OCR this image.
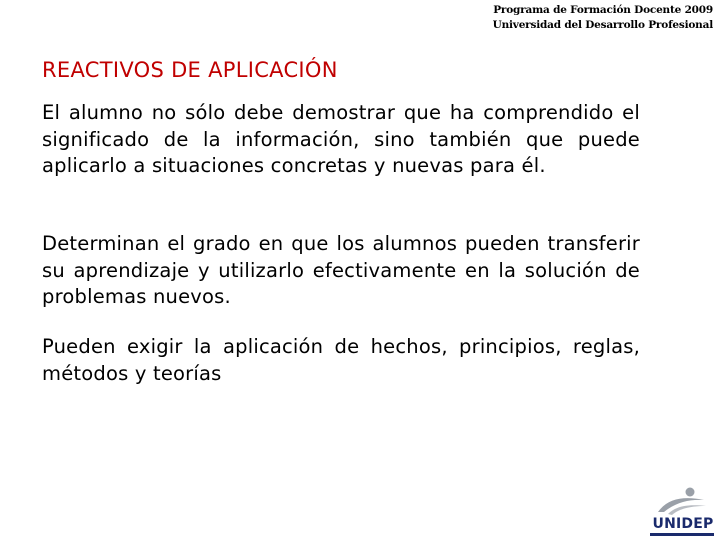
Programa de Formación Docente 2009
Universidad del Desarrollo Profesional
REACTIVOS DE APLICACIÓN
El alumno no sólo debe demostrar que ha comprendido el significado de la información, sino también que puede aplicarlo a situaciones concretas y nuevas para él.
Determinan el grado en que los alumnos pueden transferir su aprendizaje y utilizarlo efectivamente en la solución de problemas nuevos.
Pueden exigir la aplicación de hechos, principios, reglas, métodos y teorías
UNIDEP
